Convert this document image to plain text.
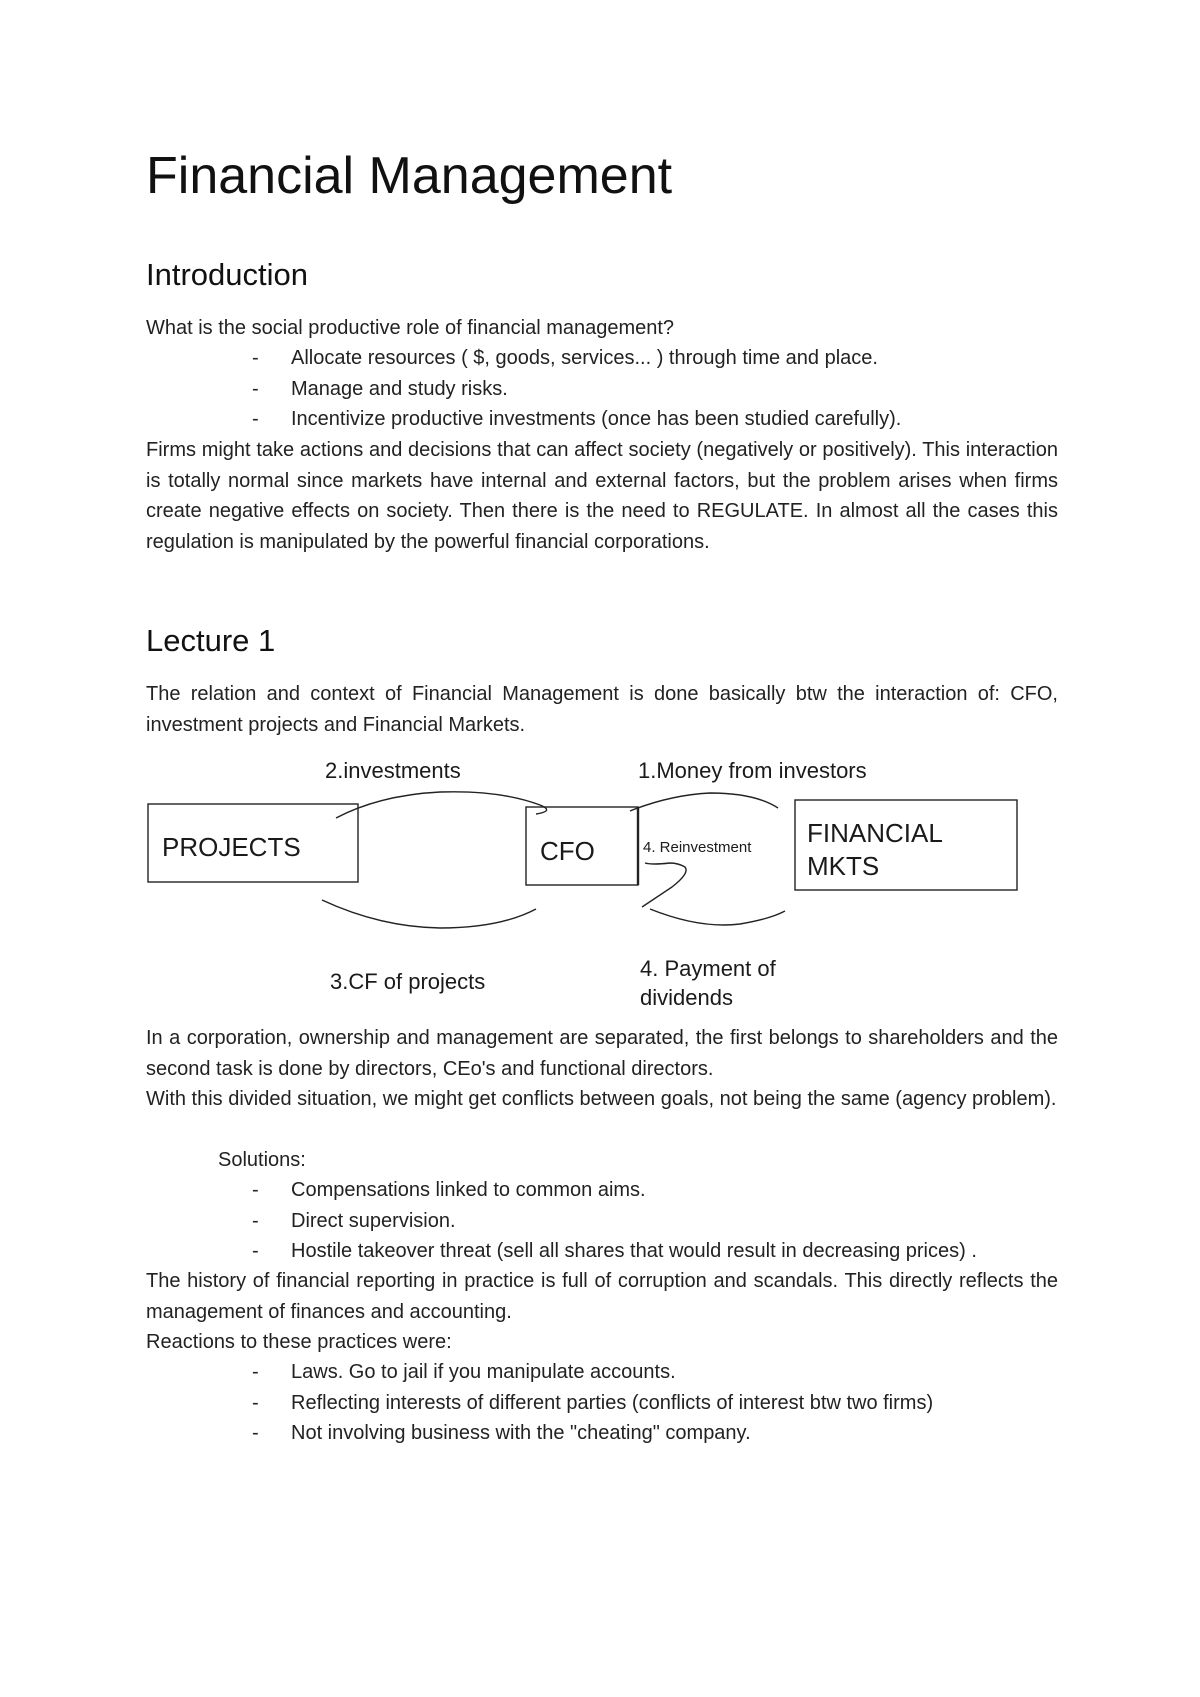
Financial Management
Introduction

What is the social productive role of financial management?

- Allocate resources ( $, goods, services... ) through time and place.
- Manage and study risks.
- Incentivize productive investments (once has been studied carefully).

Firms might take actions and decisions that can affect society (negatively or positively). This interaction is totally normal since markets have internal and external factors, but the problem arises when firms create negative effects on society. Then there is the need to REGULATE. In almost all the cases this regulation is manipulated by the powerful financial corporations.

Lecture 1

The relation and context of Financial Management is done basically btw the interaction of: CFO, investment projects and Financial Markets.

PROJECTS	CFO
FINANCIAL
MKTS
2.investments	1.Money from investors
4. Reinvestment
3.CF of projects
4. Payment of
dividends

In a corporation, ownership and management are separated, the first belongs to shareholders and the second task is done by directors, CEo's and functional directors.

With this divided situation, we might get conflicts between goals, not being the same (agency problem).

Solutions:
- Compensations linked to common aims.
- Direct supervision.
- Hostile takeover threat (sell all shares that would result in decreasing prices) .

The history of financial reporting in practice is full of corruption and scandals. This directly reflects the management of finances and accounting.

Reactions to these practices were:

- Laws. Go to jail if you manipulate accounts.
- Reflecting interests of different parties (conflicts of interest btw two firms)
- Not involving business with the "cheating" company.
